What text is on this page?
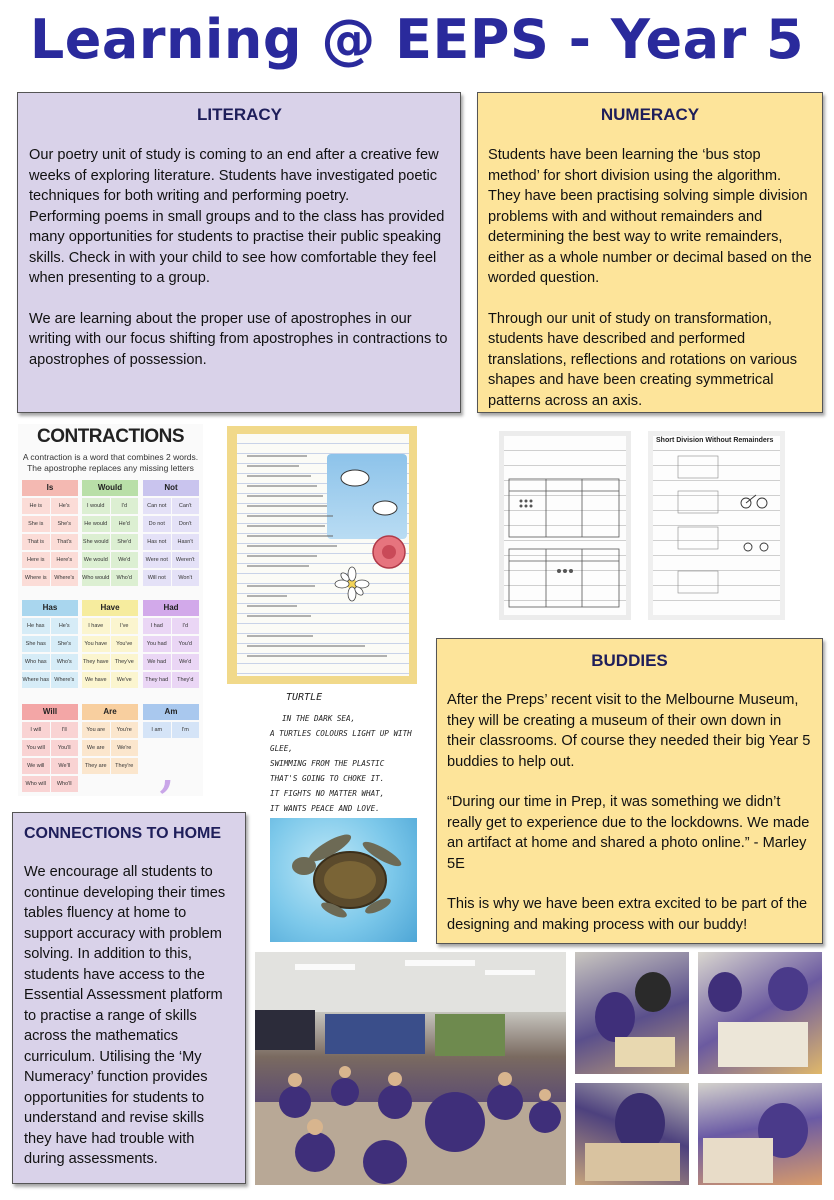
Learning @ EEPS - Year 5
LITERACY

Our poetry unit of study is coming to an end after a creative few weeks of exploring literature. Students have investigated poetic techniques for both writing and performing poetry.

Performing poems in small groups and to the class has provided many opportunities for students to practise their public speaking skills. Check in with your child to see how comfortable they feel when presenting to a group.

We are learning about the proper use of apostrophes in our writing with our focus shifting from apostrophes in contractions to apostrophes of possession.

NUMERACY

Students have been learning the ‘bus stop method’ for short division using the algorithm. They have been practising solving simple division problems with and without remainders and determining the best way to write remainders, either as a whole number or decimal based on the worded question.

Through our unit of study on transformation, students have described and performed translations, reflections and rotations on various shapes and have been creating symmetrical patterns across an axis.

CONTRACTIONS
A contraction is a word that combines 2 words. The apostrophe replaces any missing letters
Is
He is	He's
She is	She's
That is	That's
Here is	Here's
Where is	Where's
Would
I would	I'd
He would	He'd
She would	She'd
We would	We'd
Who would	Who'd
Not
Can not	Can't
Do not	Don't
Has not	Hasn't
Were not	Weren't
Will not	Won't
Has
He has	He's
She has	She's
Who has	Who's
Where has Where's
Have
I have	I've
You have	You've
They have	They've
We have	We've
Had
I had	I'd
You had	You'd
We had	We'd
They had	They'd
Will
I will	I'll
You will	You'll
We will	We'll
Who will	Who'll
Are
You are	You're
We are	We're
They are	They're
Am
I am	I'm
,
TURTLE
IN THE DARK SEA,
A TURTLES COLOURS LIGHT UP WITH GLEE,
SWIMMING FROM THE PLASTIC
THAT'S GOING TO CHOKE IT.
IT FIGHTS NO MATTER WHAT,
IT WANTS PEACE AND LOVE.
Short Division Without Remainders
BUDDIES

After the Preps’ recent visit to the Melbourne Museum, they will be creating a museum of their own down in their classrooms. Of course they needed their big Year 5 buddies to help out.

“During our time in Prep, it was something we didn’t really get to experience due to the lockdowns. We made an artifact at home and shared a photo online.” - Marley 5E

This is why we have been extra excited to be part of the designing and making process with our buddy!

CONNECTIONS TO HOME

We encourage all students to continue developing their times tables fluency at home to support accuracy with problem solving. In addition to this, students have access to the Essential Assessment platform to practise a range of skills across the mathematics curriculum. Utilising the ‘My Numeracy’ function provides opportunities for students to understand and revise skills they have had trouble with during assessments.
